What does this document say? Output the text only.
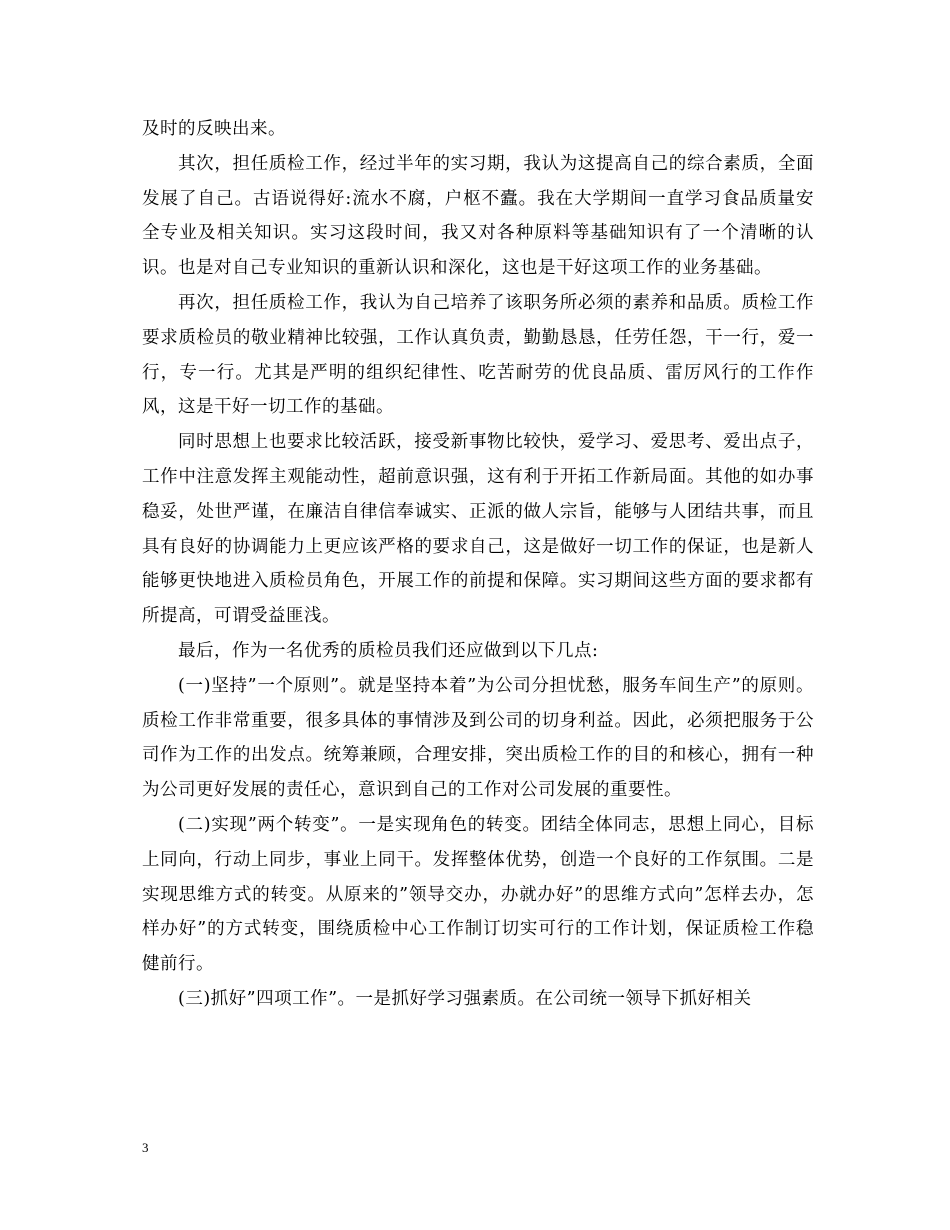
及时的反映出来。

其次，担任质检工作，经过半年的实习期，我认为这提高自己的综合素质，全面发展了自己。古语说得好:流水不腐，户枢不蠹。我在大学期间一直学习食品质量安全专业及相关知识。实习这段时间，我又对各种原料等基础知识有了一个清晰的认识。也是对自己专业知识的重新认识和深化，这也是干好这项工作的业务基础。

再次，担任质检工作，我认为自己培养了该职务所必须的素养和品质。质检工作要求质检员的敬业精神比较强，工作认真负责，勤勤恳恳，任劳任怨，干一行，爱一行，专一行。尤其是严明的组织纪律性、吃苦耐劳的优良品质、雷厉风行的工作作风，这是干好一切工作的基础。

同时思想上也要求比较活跃，接受新事物比较快，爱学习、爱思考、爱出点子，工作中注意发挥主观能动性，超前意识强，这有利于开拓工作新局面。其他的如办事稳妥，处世严谨，在廉洁自律信奉诚实、正派的做人宗旨，能够与人团结共事，而且具有良好的协调能力上更应该严格的要求自己，这是做好一切工作的保证，也是新人能够更快地进入质检员角色，开展工作的前提和保障。实习期间这些方面的要求都有所提高，可谓受益匪浅。

最后，作为一名优秀的质检员我们还应做到以下几点:

(一)坚持”一个原则”。就是坚持本着”为公司分担忧愁，服务车间生产”的原则。质检工作非常重要，很多具体的事情涉及到公司的切身利益。因此，必须把服务于公司作为工作的出发点。统筹兼顾，合理安排，突出质检工作的目的和核心，拥有一种为公司更好发展的责任心，意识到自己的工作对公司发展的重要性。

(二)实现”两个转变”。一是实现角色的转变。团结全体同志，思想上同心，目标上同向，行动上同步，事业上同干。发挥整体优势，创造一个良好的工作氛围。二是实现思维方式的转变。从原来的”领导交办，办就办好”的思维方式向”怎样去办，怎样办好”的方式转变，围绕质检中心工作制订切实可行的工作计划，保证质检工作稳健前行。

(三)抓好”四项工作”。一是抓好学习强素质。在公司统一领导下抓好相关

3
